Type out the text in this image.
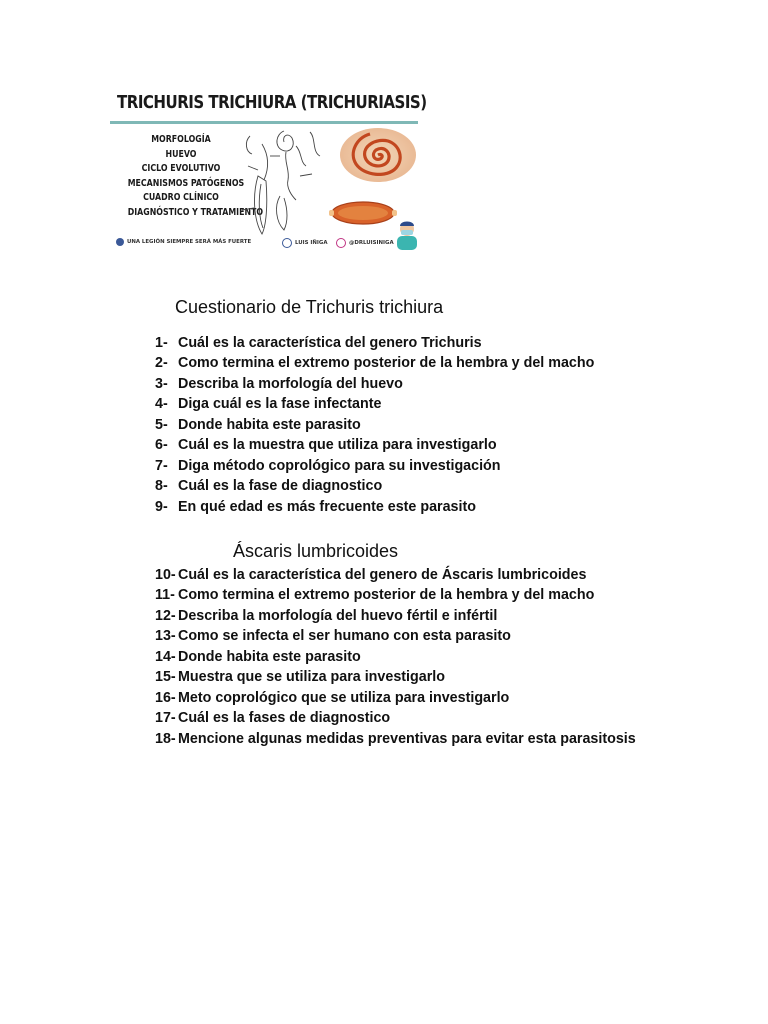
TRICHURIS TRICHIURA (TRICHURIASIS)
MORFOLOGÍA
HUEVO
CICLO EVOLUTIVO
MECANISMOS PATÓGENOS
CUADRO CLÍNICO
DIAGNÓSTICO Y TRATAMIENTO
UNA LEGIÓN SIEMPRE SERÁ MÁS FUERTE	LUIS IÑIGA	@DRLUISINIGA
Cuestionario de Trichuris trichiura
1- Cuál es la característica del genero Trichuris
2- Como termina el extremo posterior de la hembra y del macho
3- Describa la morfología del huevo
4- Diga cuál es la fase infectante
5- Donde habita este parasito
6- Cuál es la muestra que utiliza para investigarlo
7- Diga método coprológico para su investigación
8- Cuál es la fase de diagnostico
9- En qué edad es más frecuente este parasito
Áscaris lumbricoides
10- Cuál es la característica del genero de Áscaris lumbricoides
11- Como termina el extremo posterior de la hembra y del macho
12- Describa la morfología del huevo fértil e infértil
13- Como se infecta el ser humano con esta parasito
14- Donde habita este parasito
15- Muestra que se utiliza para investigarlo
16- Meto coprológico que se utiliza para investigarlo
17- Cuál es la fases de diagnostico
18- Mencione algunas medidas preventivas para evitar esta parasitosis
